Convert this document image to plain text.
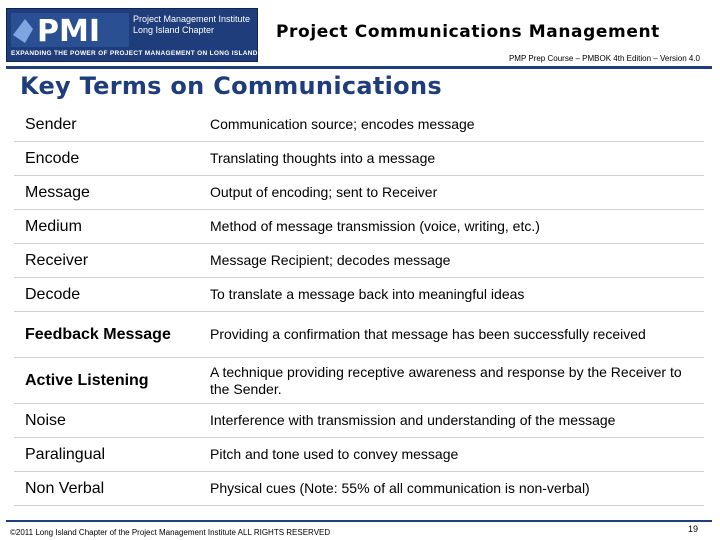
PMI	Project Management Institute
Long Island Chapter
EXPANDING THE POWER OF PROJECT MANAGEMENT ON LONG ISLAND
Project Communications Management
PMP Prep Course – PMBOK 4th Edition – Version 4.0
Key Terms on Communications
Sender	Communication source; encodes message
Encode	Translating thoughts into a message
Message	Output of encoding; sent to Receiver
Medium	Method of message transmission (voice, writing, etc.)
Receiver	Message Recipient; decodes message
Decode	To translate a message back into meaningful ideas
Feedback Message	Providing a confirmation that message has been successfully received
Active Listening	A technique providing receptive awareness and response by the Receiver to the Sender.
Noise	Interference with transmission and understanding of the message
Paralingual	Pitch and tone used to convey message
Non Verbal	Physical cues (Note: 55% of all communication is non-verbal)
©2011 Long Island Chapter of the Project Management Institute ALL RIGHTS RESERVED	19
